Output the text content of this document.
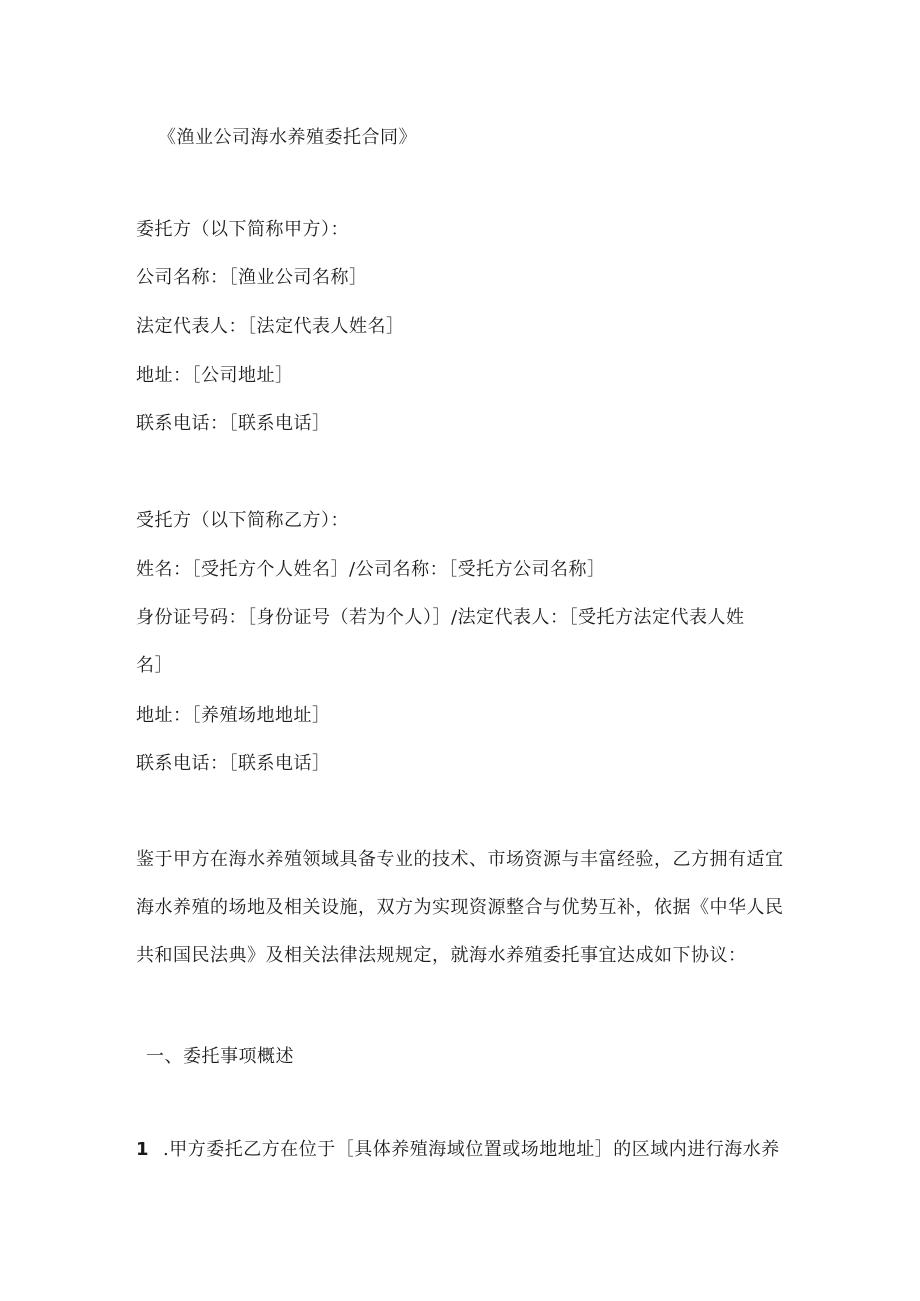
《渔业公司海水养殖委托合同》
委托方（以下简称甲方）：
公司名称：［渔业公司名称］
法定代表人：［法定代表人姓名］
地址：［公司地址］
联系电话：［联系电话］
受托方（以下简称乙方）：
姓名：［受托方个人姓名］/公司名称：［受托方公司名称］
身份证号码：［身份证号（若为个人）］/法定代表人：［受托方法定代表人姓
名］
地址：［养殖场地地址］
联系电话：［联系电话］
鉴于甲方在海水养殖领域具备专业的技术、市场资源与丰富经验，乙方拥有适宜
海水养殖的场地及相关设施，双方为实现资源整合与优势互补，依据《中华人民
共和国民法典》及相关法律法规规定，就海水养殖委托事宜达成如下协议：
一、委托事项概述
1 .甲方委托乙方在位于［具体养殖海域位置或场地地址］的区域内进行海水养
